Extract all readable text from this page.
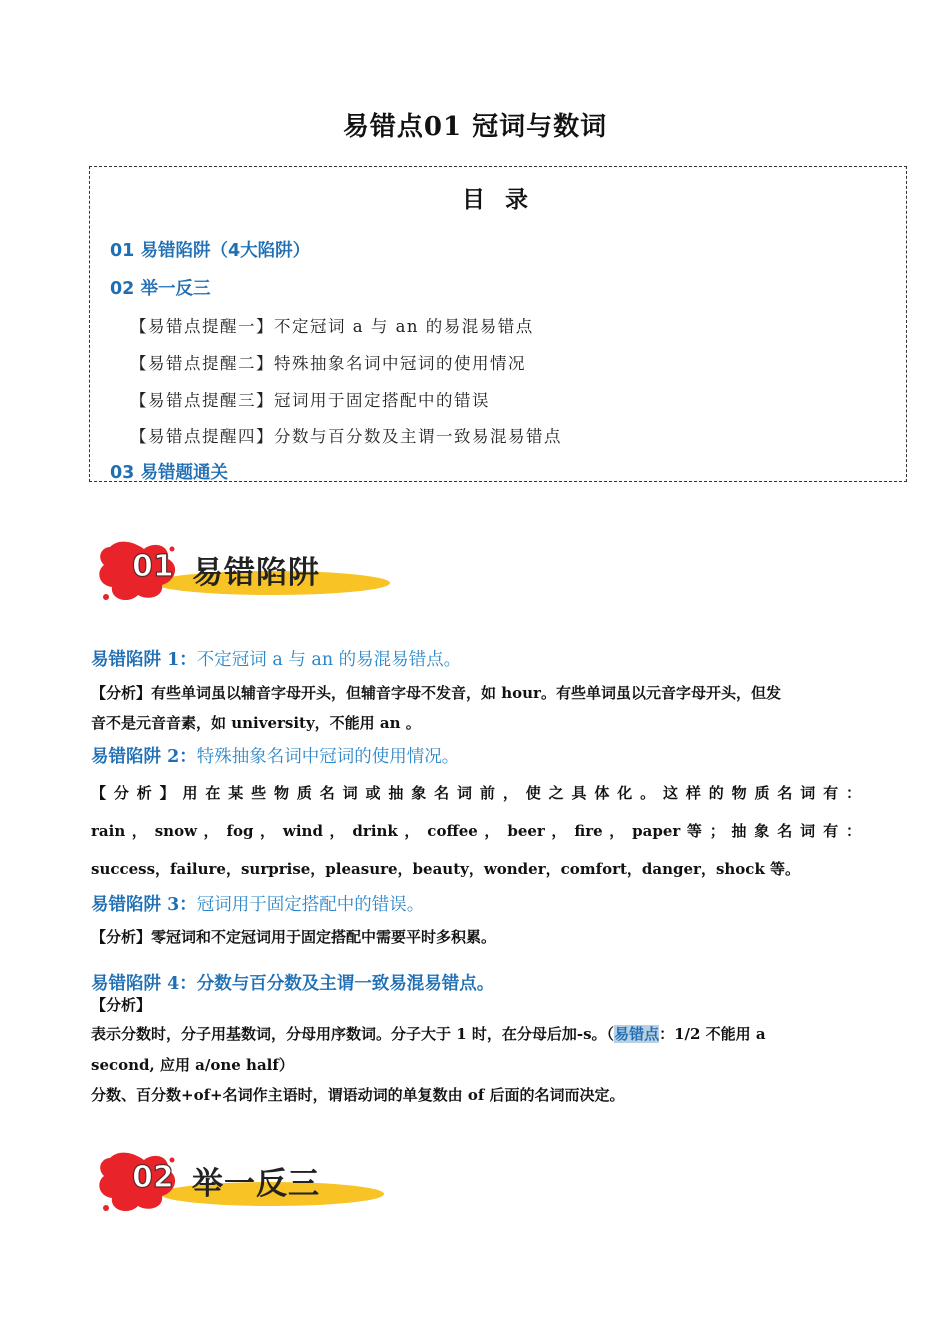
易错点01 冠词与数词
目 录
01 易错陷阱（4大陷阱）
02 举一反三
【易错点提醒一】不定冠词 a 与 an 的易混易错点
【易错点提醒二】特殊抽象名词中冠词的使用情况
【易错点提醒三】冠词用于固定搭配中的错误
【易错点提醒四】分数与百分数及主谓一致易混易错点
03 易错题通关
01 易错陷阱
易错陷阱 1：不定冠词 a 与 an 的易混易错点。
【分析】有些单词虽以辅音字母开头，但辅音字母不发音，如 hour。有些单词虽以元音字母开头，但发
音不是元音音素，如 university，不能用 an 。
易错陷阱 2：特殊抽象名词中冠词的使用情况。
【 分 析 】 用 在 某 些 物 质 名 词 或 抽 象 名 词 前 ， 使 之 具 体 化 。 这 样 的 物 质 名 词 有 ：
rain ， snow ， fog ， wind ， drink ， coffee ， beer ， fire ， paper 等 ； 抽 象 名 词 有 ：
success，failure，surprise，pleasure，beauty，wonder，comfort，danger，shock 等。
易错陷阱 3：冠词用于固定搭配中的错误。
【分析】零冠词和不定冠词用于固定搭配中需要平时多积累。
易错陷阱 4：分数与百分数及主谓一致易混易错点。
【分析】
表示分数时，分子用基数词，分母用序数词。分子大于 1 时，在分母后加-s。（易错点：1/2 不能用 a
second, 应用 a/one half）
分数、百分数+of+名词作主语时，谓语动词的单复数由 of 后面的名词而决定。
02 举一反三
